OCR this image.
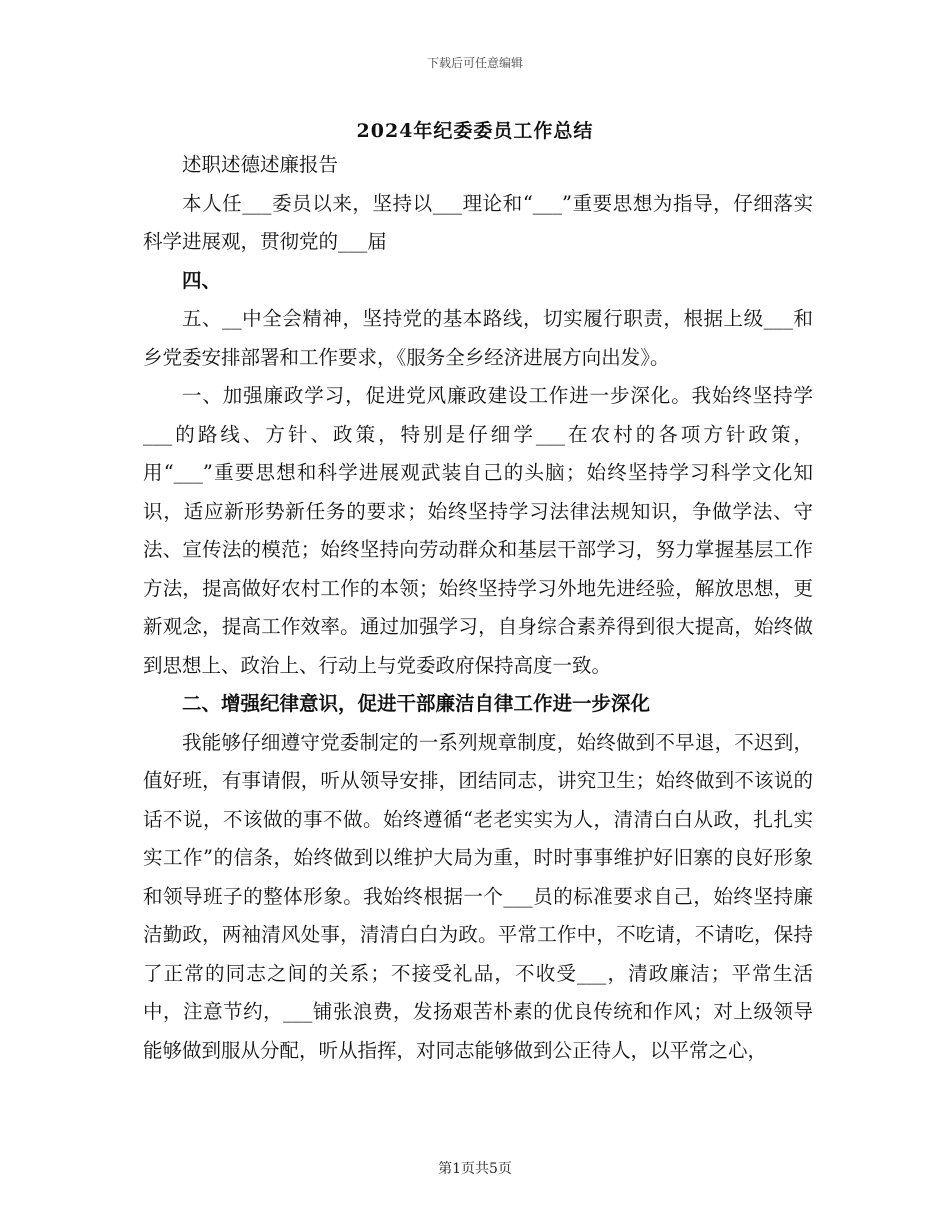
下载后可任意编辑
2024年纪委委员工作总结

述职述德述廉报告

本人任___委员以来，坚持以___理论和“___”重要思想为指导，仔细落实科学进展观，贯彻党的___届

四、

五、__中全会精神，坚持党的基本路线，切实履行职责，根据上级___和乡党委安排部署和工作要求，《服务全乡经济进展方向出发》。

一、加强廉政学习，促进党风廉政建设工作进一步深化。我始终坚持学___的路线、方针、政策，特别是仔细学___在农村的各项方针政策，用“___”重要思想和科学进展观武装自己的头脑；始终坚持学习科学文化知识，适应新形势新任务的要求；始终坚持学习法律法规知识，争做学法、守法、宣传法的模范；始终坚持向劳动群众和基层干部学习，努力掌握基层工作方法，提高做好农村工作的本领；始终坚持学习外地先进经验，解放思想，更新观念，提高工作效率。通过加强学习，自身综合素养得到很大提高，始终做到思想上、政治上、行动上与党委政府保持高度一致。

二、增强纪律意识，促进干部廉洁自律工作进一步深化

我能够仔细遵守党委制定的一系列规章制度，始终做到不早退，不迟到，值好班，有事请假，听从领导安排，团结同志，讲究卫生；始终做到不该说的话不说，不该做的事不做。始终遵循“老老实实为人，清清白白从政，扎扎实实工作”的信条，始终做到以维护大局为重，时时事事维护好旧寨的良好形象和领导班子的整体形象。我始终根据一个___员的标准要求自己，始终坚持廉洁勤政，两袖清风处事，清清白白为政。平常工作中，不吃请，不请吃，保持了正常的同志之间的关系；不接受礼品，不收受___，清政廉洁；平常生活中，注意节约，___铺张浪费，发扬艰苦朴素的优良传统和作风；对上级领导能够做到服从分配，听从指挥，对同志能够做到公正待人，以平常之心，

第1页共5页
